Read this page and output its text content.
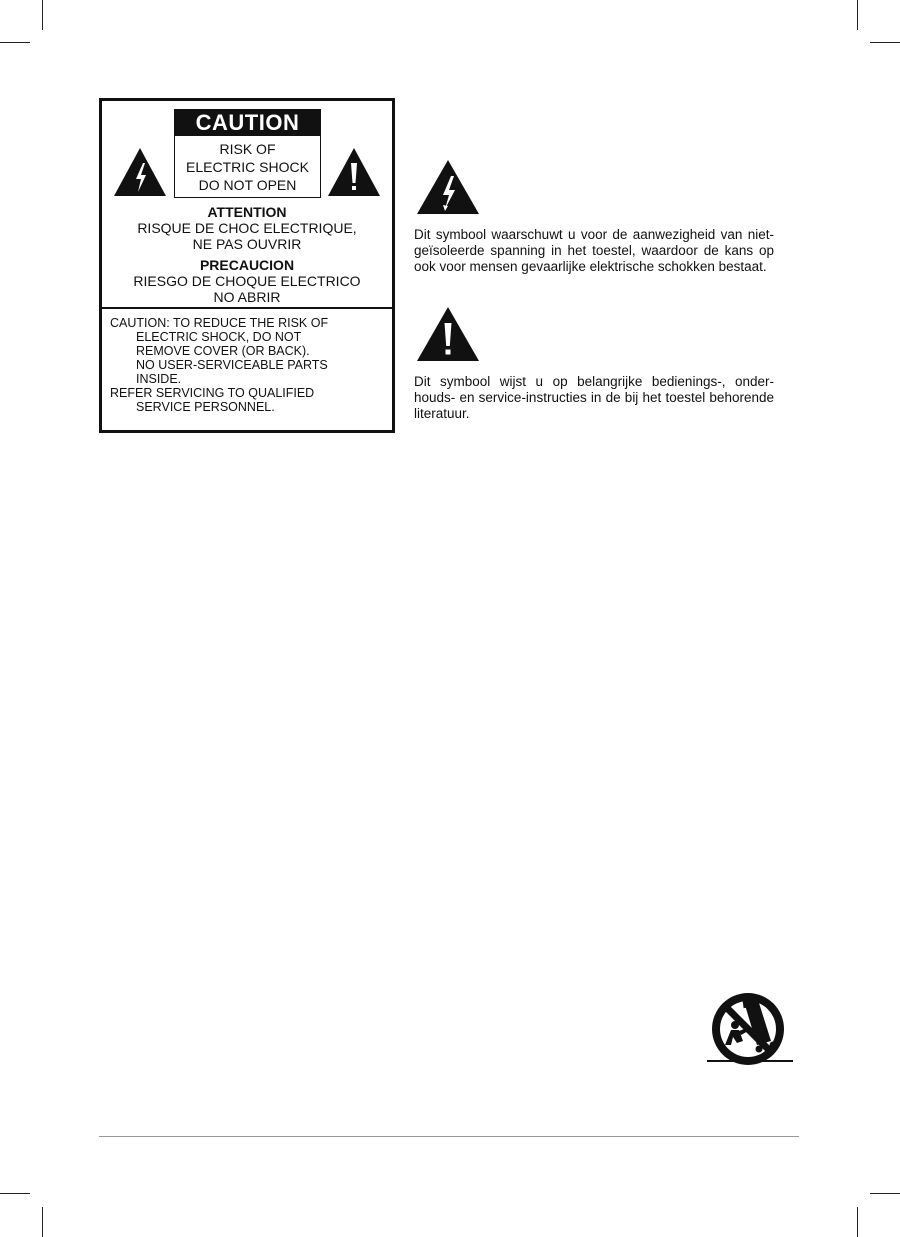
CAUTION
RISK OF
ELECTRIC SHOCK
DO NOT OPEN
ATTENTION
RISQUE DE CHOC ELECTRIQUE,
NE PAS OUVRIR
PRECAUCION
RIESGO DE CHOQUE ELECTRICO
NO ABRIR
CAUTION: TO REDUCE THE RISK OF
ELECTRIC SHOCK, DO NOT
REMOVE COVER (OR BACK).
NO USER-SERVICEABLE PARTS
INSIDE.
REFER SERVICING TO QUALIFIED
SERVICE PERSONNEL.

Dit symbool waarschuwt u voor de aanwezigheid van niet-geïsoleerde spanning in het toestel, waardoor de kans op ook voor mensen gevaarlijke elektrische schokken bestaat.

Dit symbool wijst u op belangrijke bedienings-, onder-houds- en service-instructies in de bij het toestel behorende literatuur.
